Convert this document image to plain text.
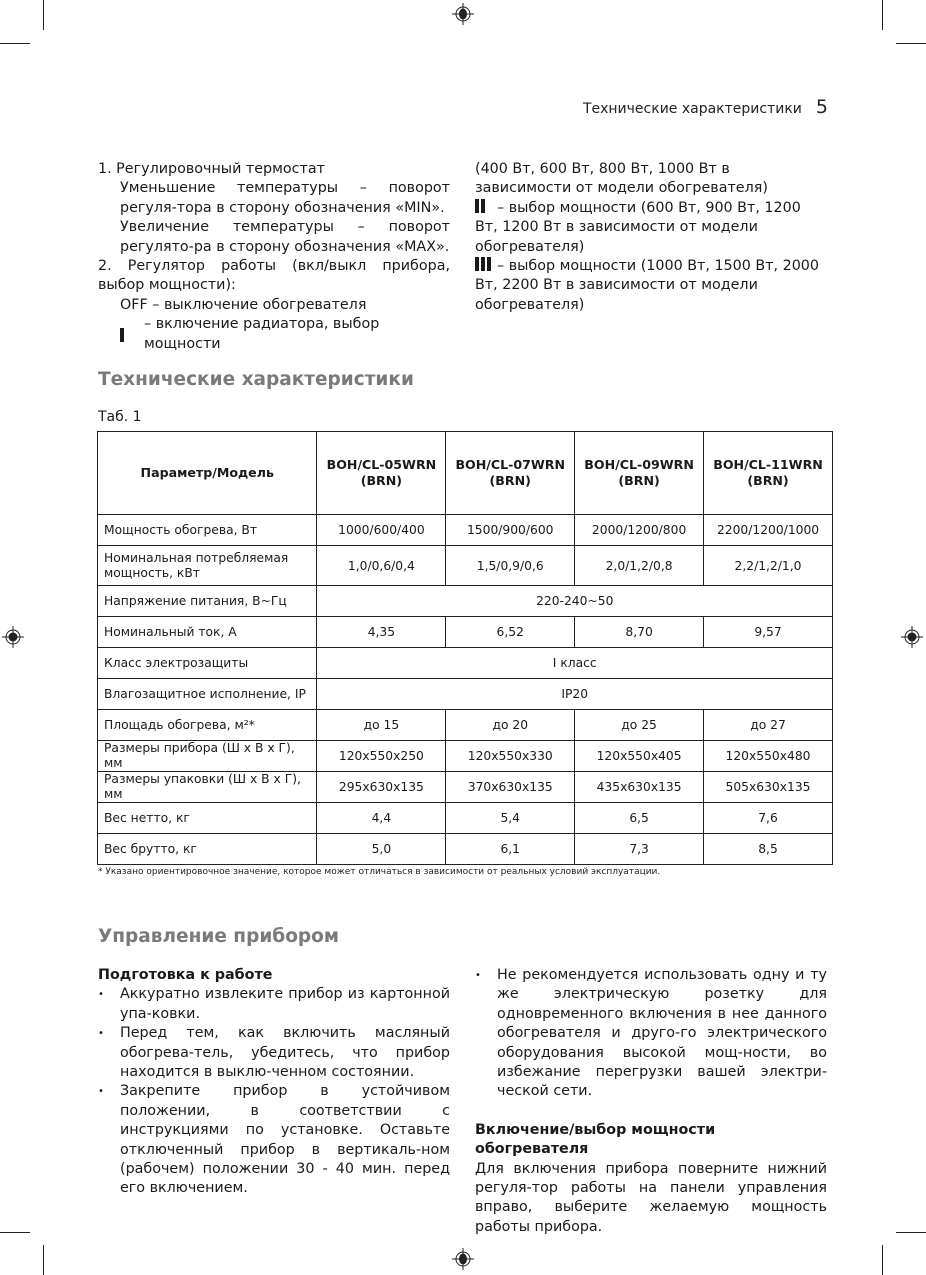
Технические характеристики 5
1. Регулировочный термостат
Уменьшение температуры – поворот регуля-тора в сторону обозначения «MIN».
Увеличение температуры – поворот регулято-ра в сторону обозначения «MAX».
2. Регулятор работы (вкл/выкл прибора, выбор мощности):
OFF – выключение обогревателя
– включение радиатора, выбор мощности
(400 Вт, 600 Вт, 800 Вт, 1000 Вт в зависимости от модели обогревателя)
– выбор мощности (600 Вт, 900 Вт, 1200 Вт, 1200 Вт в зависимости от модели обогревателя)
– выбор мощности (1000 Вт, 1500 Вт, 2000 Вт, 2200 Вт в зависимости от модели обогревателя)
Технические характеристики
Таб. 1
Параметр/Модель	BOH/CL-05WRN (BRN)	BOH/CL-07WRN (BRN)	BOH/CL-09WRN (BRN)	BOH/CL-11WRN (BRN)
Мощность обогрева, Вт	1000/600/400	1500/900/600	2000/1200/800	2200/1200/1000
Номинальная потребляемая мощность, кВт	1,0/0,6/0,4	1,5/0,9/0,6	2,0/1,2/0,8	2,2/1,2/1,0
Напряжение питания, В~Гц	220-240~50			
Номинальный ток, А	4,35	6,52	8,70	9,57
Класс электрозащиты	I класс			
Влагозащитное исполнение, IP	IP20			
Площадь обогрева, м²*	до 15	до 20	до 25	до 27
Размеры прибора (Ш х В х Г), мм	120x550x250	120x550x330	120x550x405	120x550x480
Размеры упаковки (Ш х В х Г), мм	295x630x135	370x630x135	435x630x135	505x630x135
Вес нетто, кг	4,4	5,4	6,5	7,6
Вес брутто, кг	5,0	6,1	7,3	8,5
* Указано ориентировочное значение, которое может отличаться в зависимости от реальных условий эксплуатации.
Управление прибором
Подготовка к работе
• Аккуратно извлеките прибор из картонной упа-ковки.
• Перед тем, как включить масляный обогрева-тель, убедитесь, что прибор находится в выклю-ченном состоянии.
• Закрепите прибор в устойчивом положении, в соответствии с инструкциями по установке. Оставьте отключенный прибор в вертикаль-ном (рабочем) положении 30 - 40 мин. перед его включением.
• Не рекомендуется использовать одну и ту же электрическую розетку для одновременного включения в нее данного обогревателя и друго-го электрического оборудования высокой мощ-ности, во избежание перегрузки вашей электри-ческой сети.
Включение/выбор мощности обогревателя
Для включения прибора поверните нижний регуля-тор работы на панели управления вправо, выберите желаемую мощность работы прибора.
